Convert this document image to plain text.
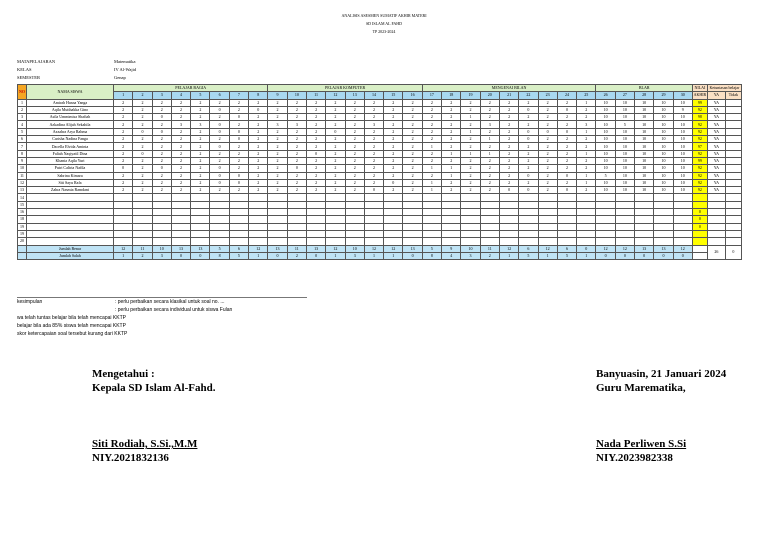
ANALISIS ASESMEN SUMATIF AKHIR MATERI
SD ISLAM AL FAHD
TP 2023-2024
MATAPELAJARAN	Matematika
KELAS	IV Al-Wajid
SEMESTER	Genap
NO	NAMA SISWA	PELAJAR BAGIA								PELAJAR KOMPUTER								MENGENAI BILAN									BLAR					NILAI	Ketuntasan belajar	
		1	2	3	4	5	6	7	8	9	10	11	12	13	14	15	16	17	18	19	20	21	22	23	24	25	26	27	28	29	30	AKHIR	YA	Tidak
1	Amirah Husna Yanga	2	2	2	2	2	2	2	2	2	2	2	2	2	2	2	2	2	2	2	2	2	2	2	2	1	10	10	10	10	10	99	YA	
2	Aqila Mutthakka Gino	2	2	2	2	2	0	2	0	2	2	2	2	2	2	2	2	2	2	2	2	2	0	2	0	2	10	10	10	10	9	92	YA	
3	Asila Ummimisa Shafiah	2	2	0	2	2	2	0	2	2	2	2	2	2	2	2	2	2	2	1	2	2	2	2	2	2	10	10	10	10	10	98	YA	
4	Azkadina Alijah Sekahila	2	2	2	3	3	0	2	2	3	3	2	2	2	3	2	2	2	2	2	3	2	2	2	2	3	10	5	10	10	10	92	YA	
5	Azzahra Arya Rahma	2	0	0	2	2	0	0	2	2	2	2	0	2	2	2	2	2	2	1	2	2	0	0	0	1	10	10	10	10	10	92	YA	
6	Carisha Nadina Fanga	2	2	2	2	2	2	0	2	2	2	2	2	2	2	2	2	2	2	2	1	2	0	2	2	2	10	10	10	10	10	92	YA	
7	Dacella Elvida Aminta	2	2	2	2	2	0	2	2	2	2	2	2	2	2	2	2	1	2	2	2	2	2	2	2	2	10	10	10	10	10	97	YA	
8	Faliah Naqiyatil Dina	2	0	2	2	2	2	2	2	2	2	0	2	2	2	2	2	2	1	1	1	2	2	2	2	1	10	10	10	10	10	92	YA	
9	Khania Aqila Yuri	2	2	2	2	2	2	2	2	2	2	2	2	2	2	2	2	2	2	2	2	2	2	2	2	2	10	10	10	10	10	99	YA	
10	Putri Caltria Nafila	0	2	0	2	2	0	2	2	2	0	2	2	2	2	2	2	1	1	2	2	2	2	2	2	2	10	10	10	10	10	92	YA	
11	Sabrina Kimara	2	2	2	2	2	0	0	2	2	2	2	2	2	2	2	2	2	1	2	2	2	0	2	0	1	5	10	10	10	10	92	YA	
12	Siti Sayu Rafa	2	2	2	2	2	0	0	2	2	2	2	2	2	2	0	2	1	2	2	2	2	2	2	2	1	10	10	10	10	10	92	YA	
13	Zahra Nasmia Ramdani	2	2	2	2	2	2	2	2	2	2	2	2	2	0	2	2	1	2	2	2	0	0	2	0	2	10	10	10	10	10	92	YA	
14																																		
15																																		
16																																0		
18																																0		
19																																0		
19																																		
20																																		
	Jumlah Benar	12	11	10	13	13	5	6	12	13	11	13	12	10	12	12	13	5	9	10	11	12	6	12	6	0	12	12	13	13	12		26	0
	Jumlah Salah	1	2	3	0	0	8	5	1	0	2	0	1	3	1	1	0	8	4	3	2	1	5	1	5	1	0	0	0	0	0			
kesimpulan	: perlu perbaikan secara klasikal untuk soal no. ...
: perlu perbaikan secara individual untuk siswa Fulan
wa telah tuntas belajar bila telah mencapai KKTP
belajar bila ada 85% siswa telah mencapai KKTP
skor ketercapaian soal tersebut kurang dari KKTP
Mengetahui :
Kepala SD Islam Al-Fahd.
Siti Rodiah, S.Si.,M.M
NIY.2021832136
Banyuasin, 21 Januari 2024
Guru Marematika,
Nada Perliwen S.Si
NIY.2023982338
